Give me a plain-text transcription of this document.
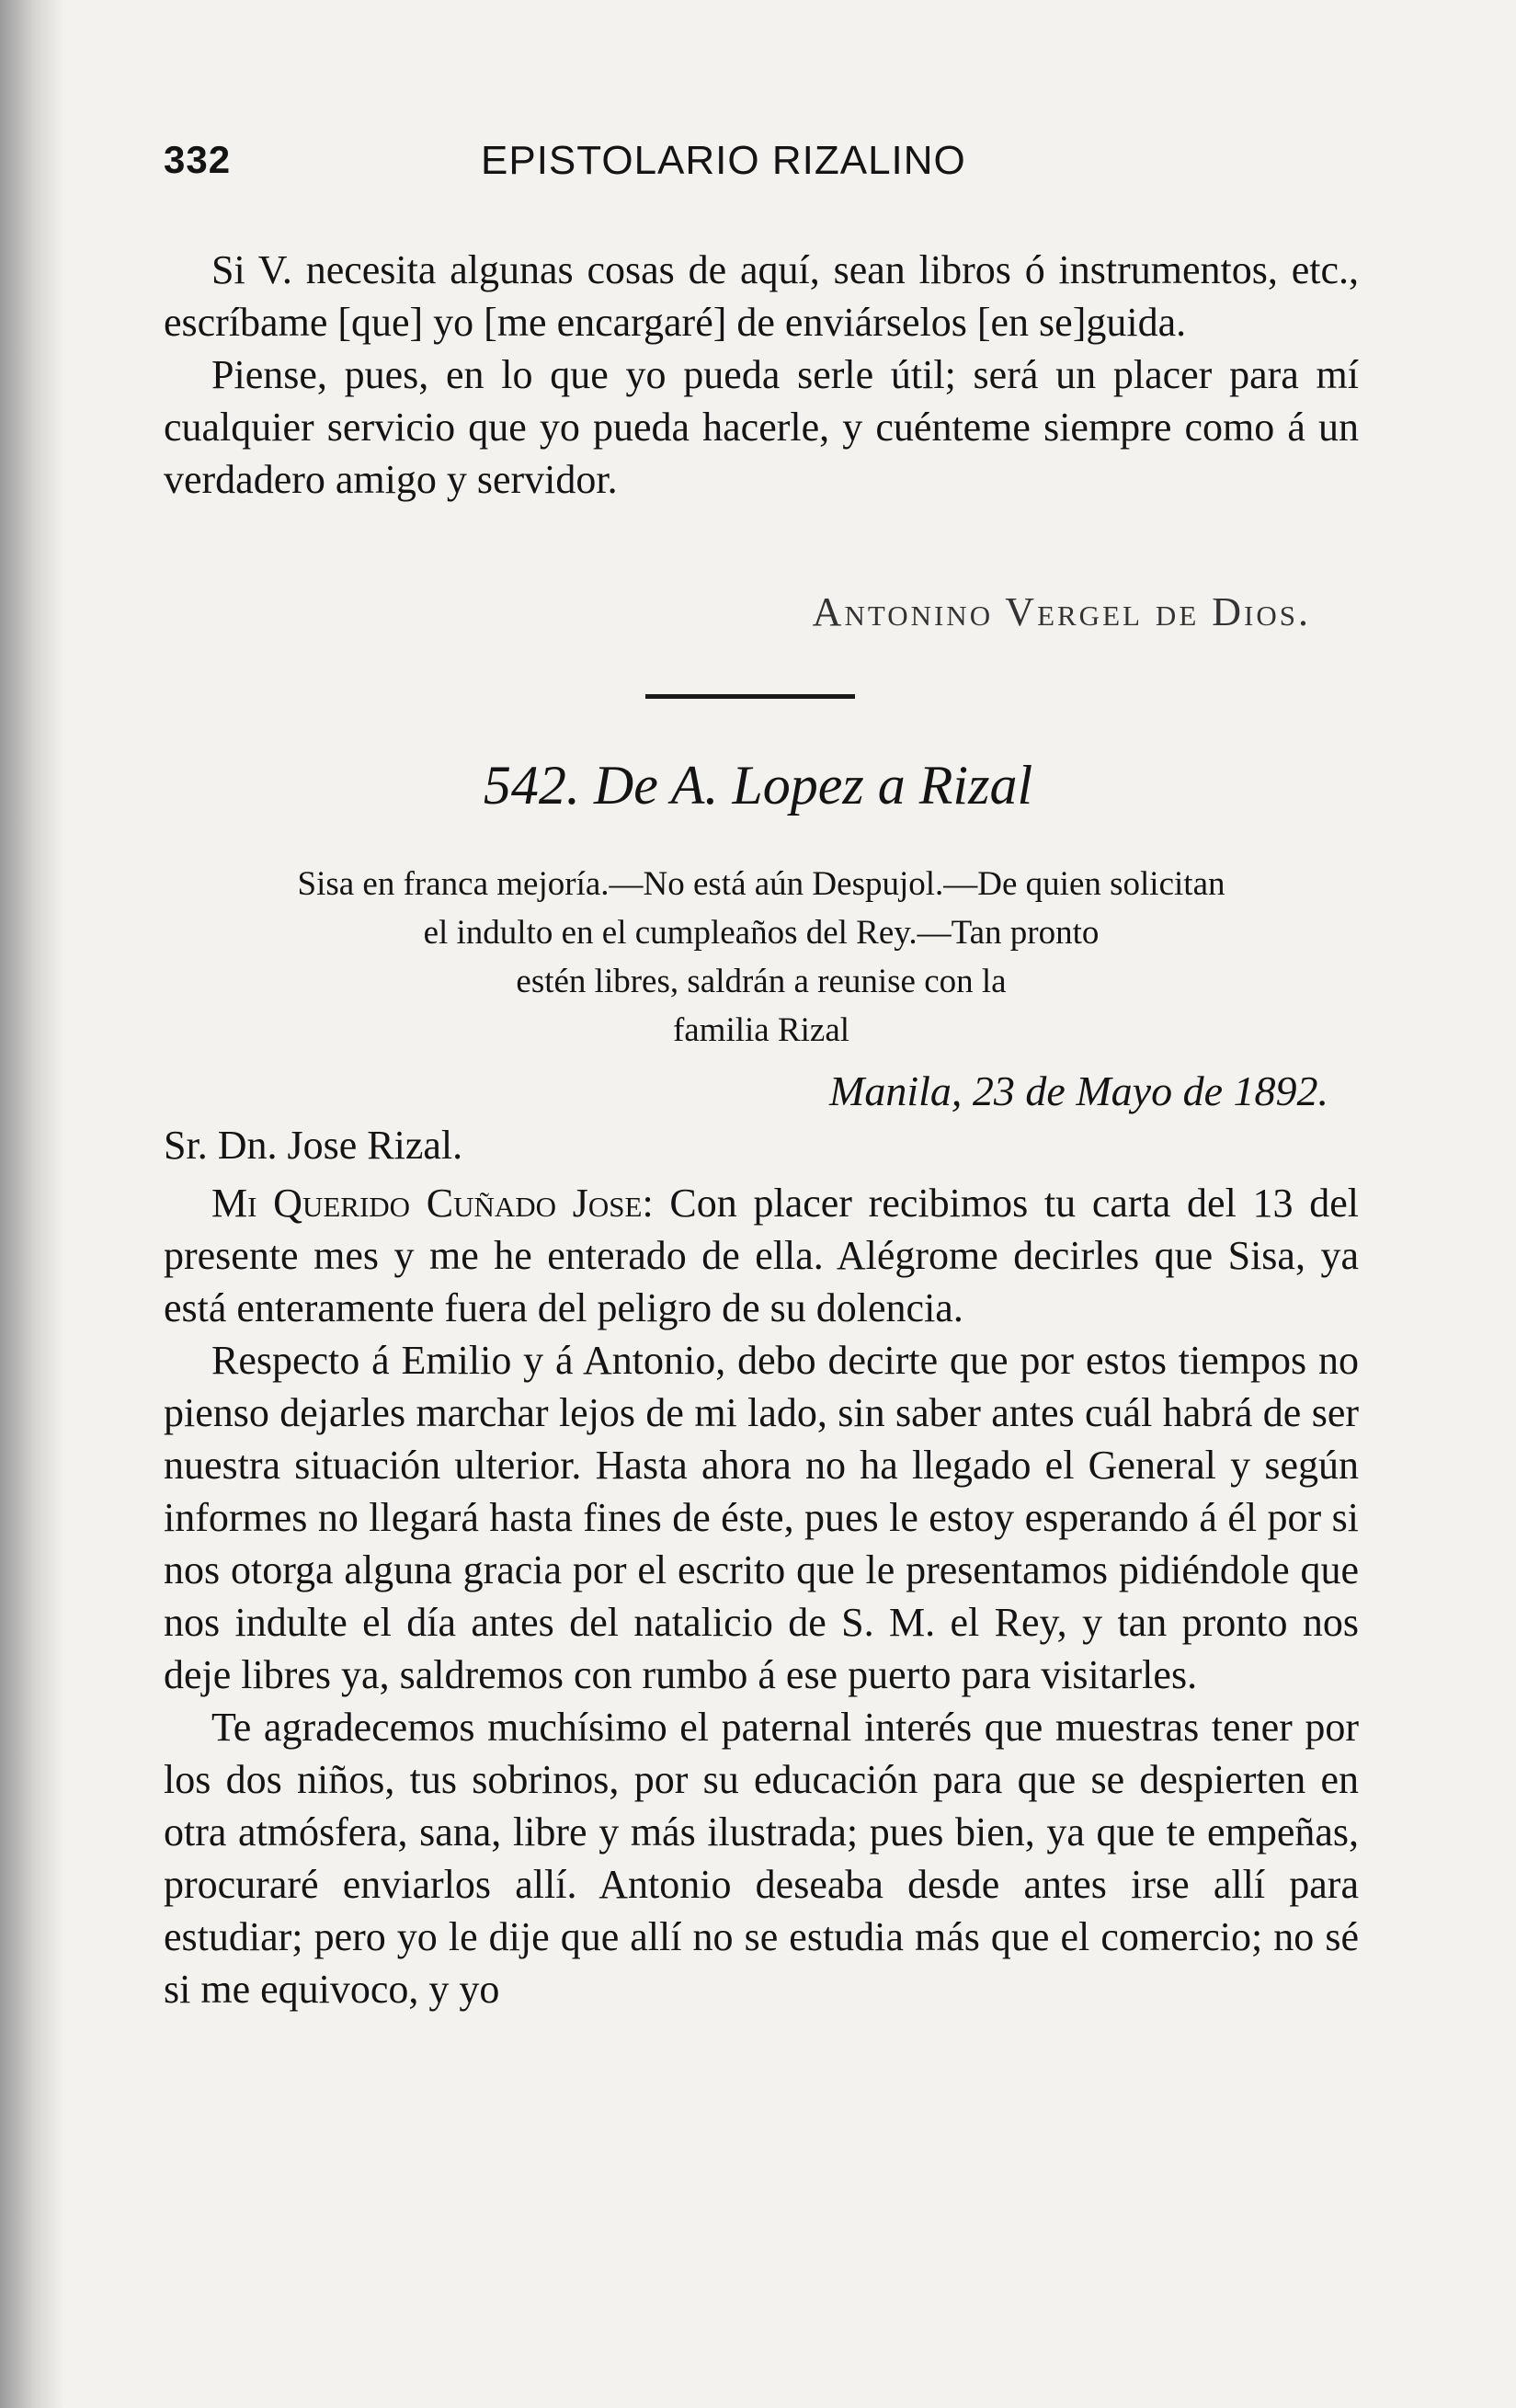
332	EPISTOLARIO RIZALINO

Si V. necesita algunas cosas de aquí, sean libros ó instrumentos, etc., escríbame [que] yo [me encargaré] de enviárselos [en se]guida.

Piense, pues, en lo que yo pueda serle útil; será un placer para mí cualquier servicio que yo pueda hacerle, y cuénteme siempre como á un verdadero amigo y servidor.

Antonino Vergel de Dios.
542. De A. Lopez a Rizal
Sisa en franca mejoría.—No está aún Despujol.—De quien solicitan
el indulto en el cumpleaños del Rey.—Tan pronto
estén libres, saldrán a reunise con la
familia Rizal
Manila, 23 de Mayo de 1892.
Sr. Dn. Jose Rizal.

Mi Querido Cuñado Jose: Con placer recibimos tu carta del 13 del presente mes y me he enterado de ella. Alégrome decirles que Sisa, ya está enteramente fuera del peligro de su dolencia.

Respecto á Emilio y á Antonio, debo decirte que por estos tiempos no pienso dejarles marchar lejos de mi lado, sin saber antes cuál habrá de ser nuestra situación ulterior. Hasta ahora no ha llegado el General y según informes no llegará hasta fines de éste, pues le estoy esperando á él por si nos otorga alguna gracia por el escrito que le presentamos pidiéndole que nos indulte el día antes del natalicio de S. M. el Rey, y tan pronto nos deje libres ya, saldremos con rumbo á ese puerto para visitarles.

Te agradecemos muchísimo el paternal interés que muestras tener por los dos niños, tus sobrinos, por su educación para que se despierten en otra atmósfera, sana, libre y más ilustrada; pues bien, ya que te empeñas, procuraré enviarlos allí. Antonio deseaba desde antes irse allí para estudiar; pero yo le dije que allí no se estudia más que el comercio; no sé si me equivoco, y yo
